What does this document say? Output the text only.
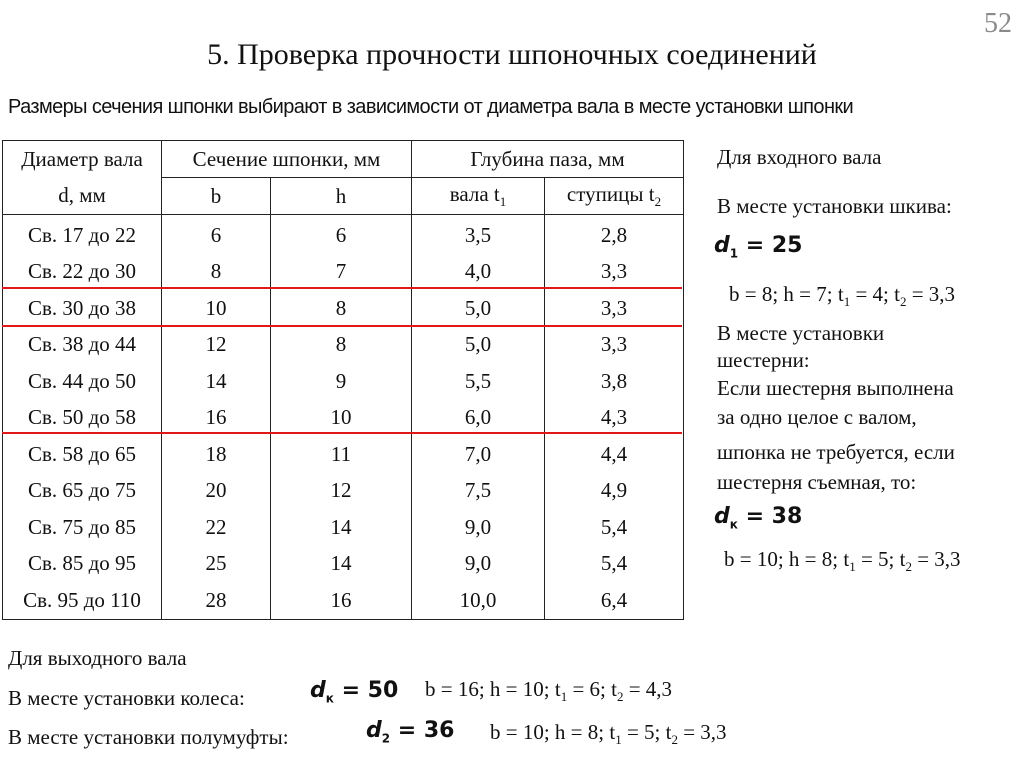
52
5. Проверка прочности шпоночных соединений
Размеры сечения шпонки выбирают в зависимости от диаметра вала в месте установки шпонки
Диаметр вала	Сечение шпонки, мм		Глубина паза, мм	
d, мм	b	h	вала $t_1$	ступицы $t_2$
Св. 17 до 22	6	6	3,5	2,8
Св. 22 до 30	8	7	4,0	3,3
Св. 30 до 38	10	8	5,0	3,3
Св. 38 до 44	12	8	5,0	3,3
Св. 44 до 50	14	9	5,5	3,8
Св. 50 до 58	16	10	6,0	4,3
Св. 58 до 65	18	11	7,0	4,4
Св. 65 до 75	20	12	7,5	4,9
Св. 75 до 85	22	14	9,0	5,4
Св. 85 до 95	25	14	9,0	5,4
Св. 95 до 110	28	16	10,0	6,4
Для входного вала
В месте установки шкива:
$d_1 = 25$
b = 8; h = 7; $t_1 = 4$; $t_2 = 3,3$
В месте установки
шестерни:
Если шестерня выполнена
за одно целое с валом,
шпонка не требуется, если
шестерня съемная, то:
$d_к = 38$
b = 10; h = 8; $t_1 = 5$; $t_2 = 3,3$
Для выходного вала
В месте установки колеса:	$d_к = 50$ b = 16; h = 10; $t_1 = 6$; $t_2 = 4,3$
В месте установки полумуфты:	$d_2 = 36$ b = 10; h = 8; $t_1 = 5$; $t_2 = 3,3$
